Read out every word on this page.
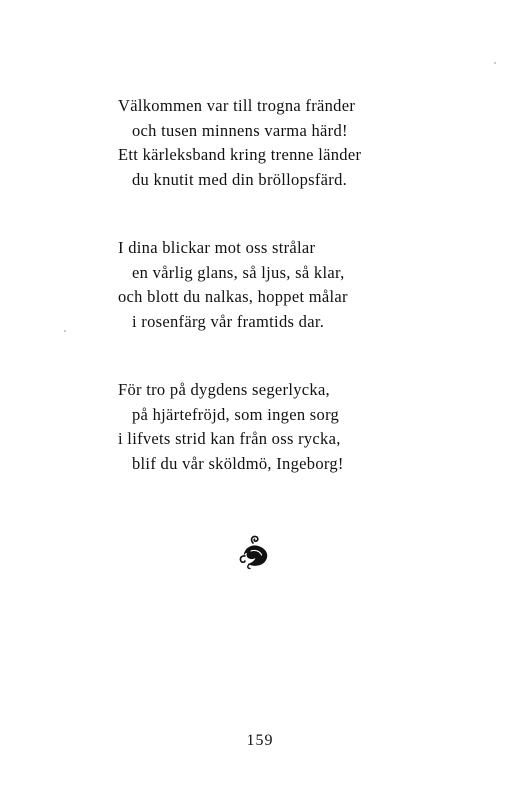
Välkommen var till trogna fränder
och tusen minnens varma härd!
Ett kärleksband kring trenne länder
du knutit med din bröllopsfärd.
I dina blickar mot oss strålar
en vårlig glans, så ljus, så klar,
och blott du nalkas, hoppet målar
i rosenfärg vår framtids dar.
För tro på dygdens segerlycka,
på hjärtefröjd, som ingen sorg
i lifvets strid kan från oss rycka,
blif du vår sköldmö, Ingeborg!
159
